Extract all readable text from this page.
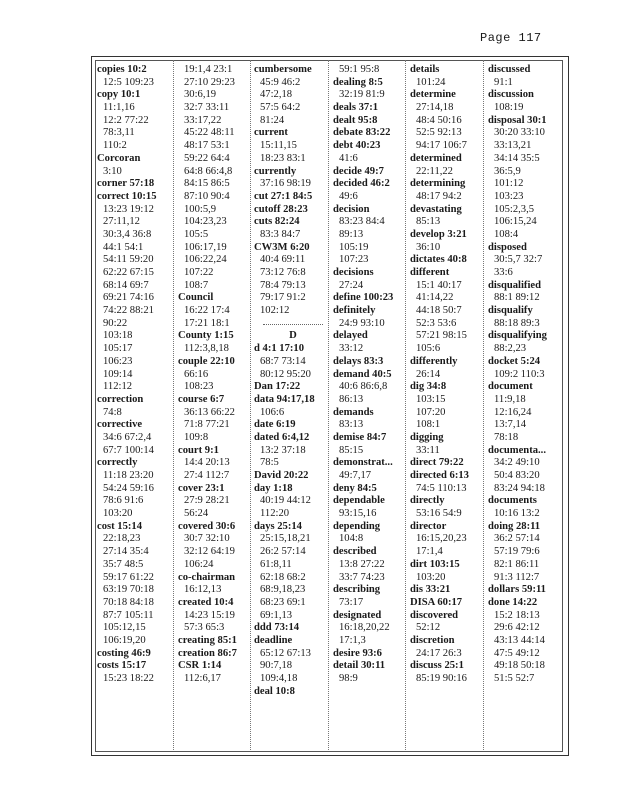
Page 117
copies 10:2
12:5 109:23
copy 10:1
11:1,16
12:2 77:22
78:3,11
110:2
Corcoran
3:10
corner 57:18
correct 10:15
13:23 19:12
27:11,12
30:3,4 36:8
44:1 54:1
54:11 59:20
62:22 67:15
68:14 69:7
69:21 74:16
74:22 88:21
90:22
103:18
105:17
106:23
109:14
112:12
correction
74:8
corrective
34:6 67:2,4
67:7 100:14
correctly
11:18 23:20
54:24 59:16
78:6 91:6
103:20
cost 15:14
22:18,23
27:14 35:4
35:7 48:5
59:17 61:22
63:19 70:18
70:18 84:18
87:7 105:11
105:12,15
106:19,20
costing 46:9
costs 15:17
15:23 18:22
19:1,4 23:1
27:10 29:23
30:6,19
32:7 33:11
33:17,22
45:22 48:11
48:17 53:1
59:22 64:4
64:8 66:4,8
84:15 86:5
87:10 90:4
100:5,9
104:23,23
105:5
106:17,19
106:22,24
107:22
108:7
Council
16:22 17:4
17:21 18:1
County 1:15
112:3,8,18
couple 22:10
66:16
108:23
course 6:7
36:13 66:22
71:8 77:21
109:8
court 9:1
14:4 20:13
27:4 112:7
cover 23:1
27:9 28:21
56:24
covered 30:6
30:7 32:10
32:12 64:19
106:24
co-chairman
16:12,13
created 10:4
14:23 15:19
57:3 65:3
creating 85:1
creation 86:7
CSR 1:14
112:6,17
cumbersome
45:9 46:2
47:2,18
57:5 64:2
81:24
current
15:11,15
18:23 83:1
currently
37:16 98:19
cut 27:1 84:5
cutoff 28:23
cuts 82:24
83:3 84:7
CW3M 6:20
40:4 69:11
73:12 76:8
78:4 79:13
79:17 91:2
102:12
D
d 4:1 17:10
68:7 73:14
80:12 95:20
Dan 17:22
data 94:17,18
106:6
date 6:19
dated 6:4,12
13:2 37:18
78:5
David 20:22
day 1:18
40:19 44:12
112:20
days 25:14
25:15,18,21
26:2 57:14
61:8,11
62:18 68:2
68:9,18,23
68:23 69:1
69:1,13
ddd 73:14
deadline
65:12 67:13
90:7,18
109:4,18
deal 10:8
59:1 95:8
dealing 8:5
32:19 81:9
deals 37:1
dealt 95:8
debate 83:22
debt 40:23
41:6
decide 49:7
decided 46:2
49:6
decision
83:23 84:4
89:13
105:19
107:23
decisions
27:24
define 100:23
definitely
24:9 93:10
delayed
33:12
delays 83:3
demand 40:5
40:6 86:6,8
86:13
demands
83:13
demise 84:7
85:15
demonstrat...
49:7,17
deny 84:5
dependable
93:15,16
depending
104:8
described
13:8 27:22
33:7 74:23
describing
73:17
designated
16:18,20,22
17:1,3
desire 93:6
detail 30:11
98:9
details
101:24
determine
27:14,18
48:4 50:16
52:5 92:13
94:17 106:7
determined
22:11,22
determining
48:17 94:2
devastating
85:13
develop 3:21
36:10
dictates 40:8
different
15:1 40:17
41:14,22
44:18 50:7
52:3 53:6
57:21 98:15
105:6
differently
26:14
dig 34:8
103:15
107:20
108:1
digging
33:11
direct 79:22
directed 6:13
74:5 110:13
directly
53:16 54:9
director
16:15,20,23
17:1,4
dirt 103:15
103:20
dis 33:21
DISA 60:17
discovered
52:12
discretion
24:17 26:3
discuss 25:1
85:19 90:16
discussed
91:1
discussion
108:19
disposal 30:1
30:20 33:10
33:13,21
34:14 35:5
36:5,9
101:12
103:23
105:2,3,5
106:15,24
108:4
disposed
30:5,7 32:7
33:6
disqualified
88:1 89:12
disqualify
88:18 89:3
disqualifying
88:2,23
docket 5:24
109:2 110:3
document
11:9,18
12:16,24
13:7,14
78:18
documenta...
34:2 49:10
50:4 83:20
83:24 94:18
documents
10:16 13:2
doing 28:11
36:2 57:14
57:19 79:6
82:1 86:11
91:3 112:7
dollars 59:11
done 14:22
15:2 18:13
29:6 42:12
43:13 44:14
47:5 49:12
49:18 50:18
51:5 52:7
